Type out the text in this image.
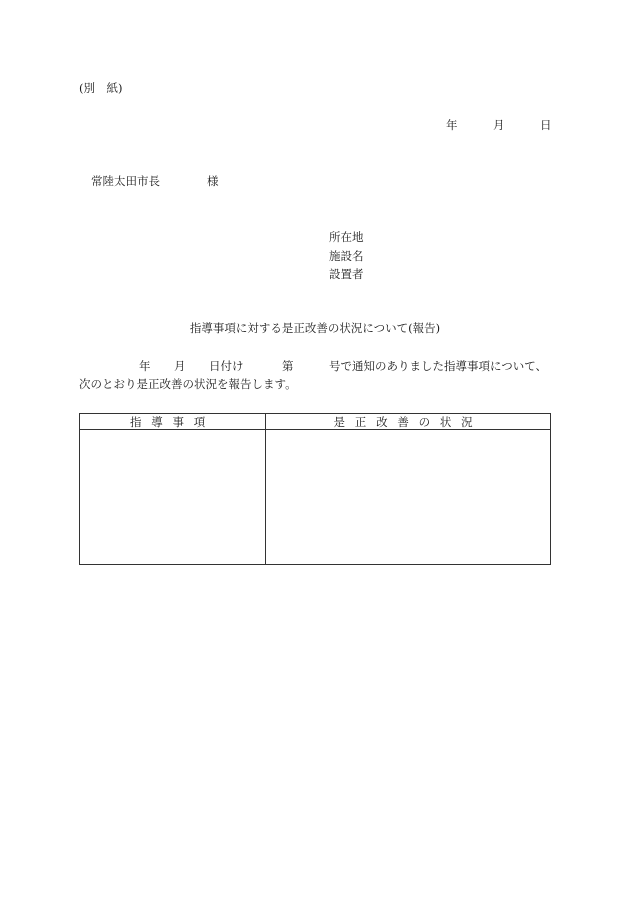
(別　紙)
年	月	日
常陸太田市長	様
所在地
施設名
設置者
指導事項に対する是正改善の状況について(報告)
年 月 日付け	第	号で通知のありました指導事項について、
次のとおり是正改善の状況を報告します。
指導事項	是正改善の状況
